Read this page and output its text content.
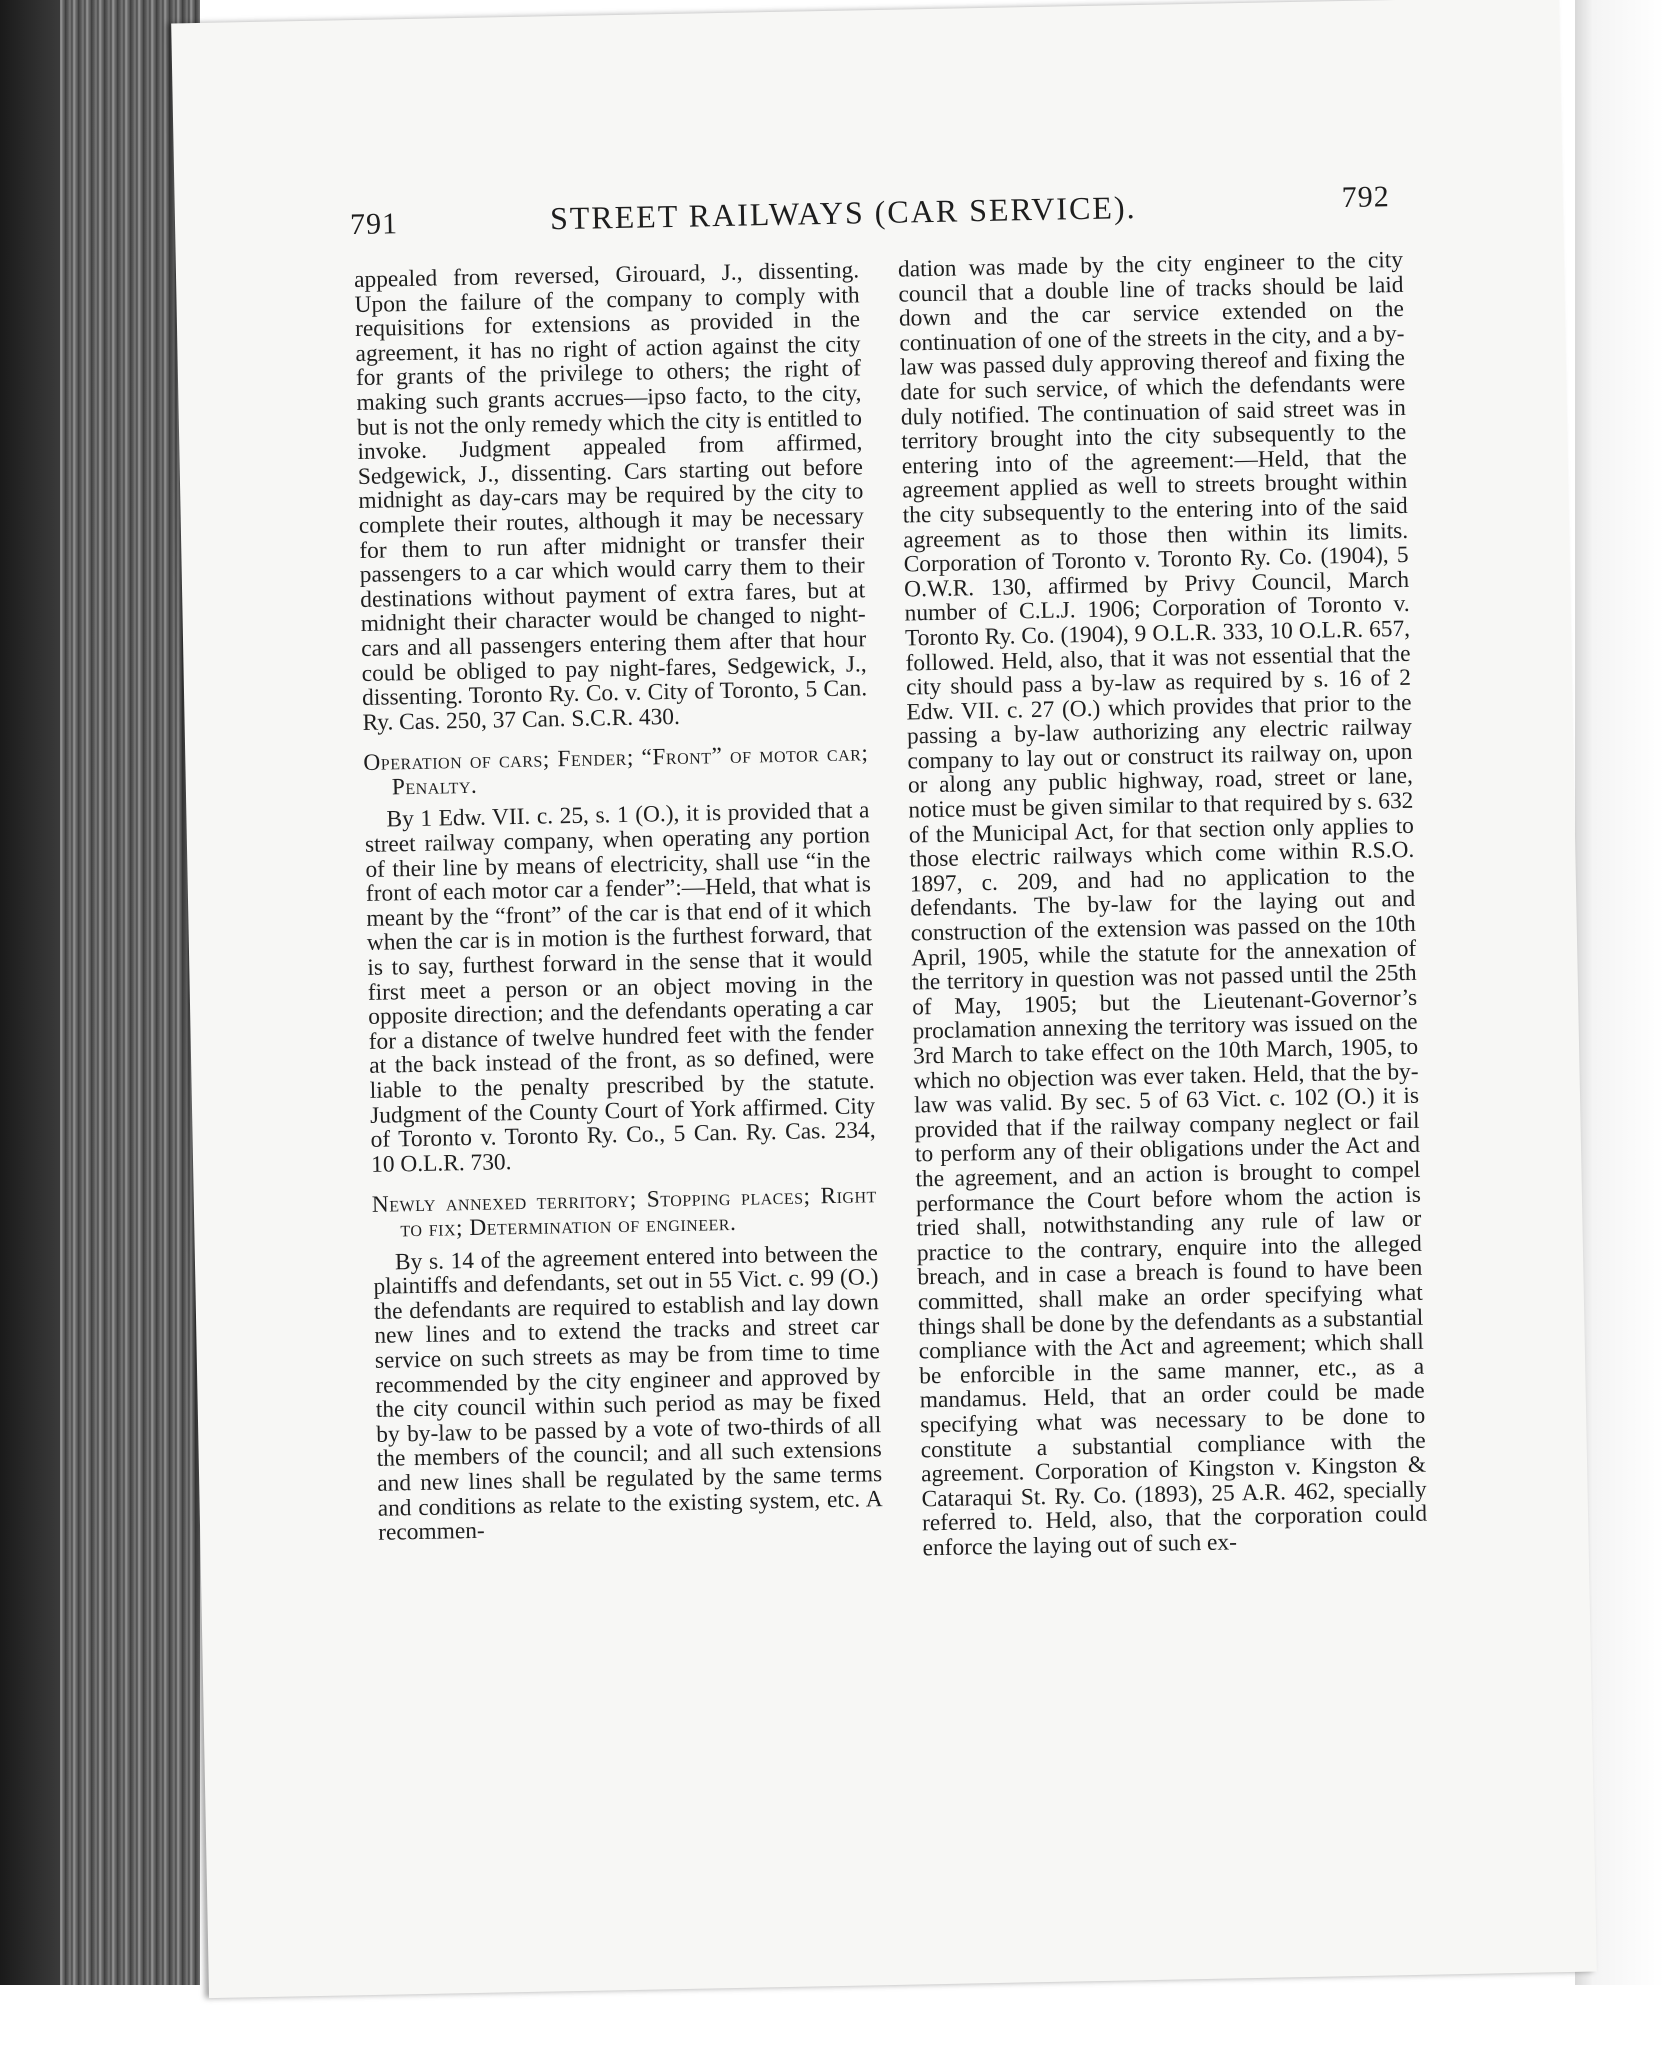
791	STREET RAILWAYS (CAR SERVICE).	792

appealed from reversed, Girouard, J., dissenting. Upon the failure of the company to comply with requisitions for extensions as provided in the agreement, it has no right of action against the city for grants of the privilege to others; the right of making such grants accrues—ipso facto, to the city, but is not the only remedy which the city is entitled to invoke. Judgment appealed from affirmed, Sedgewick, J., dissenting. Cars starting out before midnight as day-cars may be required by the city to complete their routes, although it may be necessary for them to run after midnight or transfer their passengers to a car which would carry them to their destinations without payment of extra fares, but at midnight their character would be changed to night-cars and all passengers entering them after that hour could be obliged to pay night-fares, Sedgewick, J., dissenting. Toronto Ry. Co. v. City of Toronto, 5 Can. Ry. Cas. 250, 37 Can. S.C.R. 430.

Operation of cars; Fender; “Front” of motor car; Penalty.

By 1 Edw. VII. c. 25, s. 1 (O.), it is provided that a street railway company, when operating any portion of their line by means of electricity, shall use “in the front of each motor car a fender”:—Held, that what is meant by the “front” of the car is that end of it which when the car is in motion is the furthest forward, that is to say, furthest forward in the sense that it would first meet a person or an object moving in the opposite direction; and the defendants operating a car for a distance of twelve hundred feet with the fender at the back instead of the front, as so defined, were liable to the penalty prescribed by the statute. Judgment of the County Court of York affirmed. City of Toronto v. Toronto Ry. Co., 5 Can. Ry. Cas. 234, 10 O.L.R. 730.

Newly annexed territory; Stopping places; Right to fix; Determination of engineer.

By s. 14 of the agreement entered into between the plaintiffs and defendants, set out in 55 Vict. c. 99 (O.) the defendants are required to establish and lay down new lines and to extend the tracks and street car service on such streets as may be from time to time recommended by the city engineer and approved by the city council within such period as may be fixed by by-law to be passed by a vote of two-thirds of all the members of the council; and all such extensions and new lines shall be regulated by the same terms and conditions as relate to the existing system, etc. A recommen-

dation was made by the city engineer to the city council that a double line of tracks should be laid down and the car service extended on the continuation of one of the streets in the city, and a by-law was passed duly approving thereof and fixing the date for such service, of which the defendants were duly notified. The continuation of said street was in territory brought into the city subsequently to the entering into of the agreement:—Held, that the agreement applied as well to streets brought within the city subsequently to the entering into of the said agreement as to those then within its limits. Corporation of Toronto v. Toronto Ry. Co. (1904), 5 O.W.R. 130, affirmed by Privy Council, March number of C.L.J. 1906; Corporation of Toronto v. Toronto Ry. Co. (1904), 9 O.L.R. 333, 10 O.L.R. 657, followed. Held, also, that it was not essential that the city should pass a by-law as required by s. 16 of 2 Edw. VII. c. 27 (O.) which provides that prior to the passing a by-law authorizing any electric railway company to lay out or construct its railway on, upon or along any public highway, road, street or lane, notice must be given similar to that required by s. 632 of the Municipal Act, for that section only applies to those electric railways which come within R.S.O. 1897, c. 209, and had no application to the defendants. The by-law for the laying out and construction of the extension was passed on the 10th April, 1905, while the statute for the annexation of the territory in question was not passed until the 25th of May, 1905; but the Lieutenant-Governor’s proclamation annexing the territory was issued on the 3rd March to take effect on the 10th March, 1905, to which no objection was ever taken. Held, that the by-law was valid. By sec. 5 of 63 Vict. c. 102 (O.) it is provided that if the railway company neglect or fail to perform any of their obligations under the Act and the agreement, and an action is brought to compel performance the Court before whom the action is tried shall, notwithstanding any rule of law or practice to the contrary, enquire into the alleged breach, and in case a breach is found to have been committed, shall make an order specifying what things shall be done by the defendants as a substantial compliance with the Act and agreement; which shall be enforcible in the same manner, etc., as a mandamus. Held, that an order could be made specifying what was necessary to be done to constitute a substantial compliance with the agreement. Corporation of Kingston v. Kingston & Cataraqui St. Ry. Co. (1893), 25 A.R. 462, specially referred to. Held, also, that the corporation could enforce the laying out of such ex-
